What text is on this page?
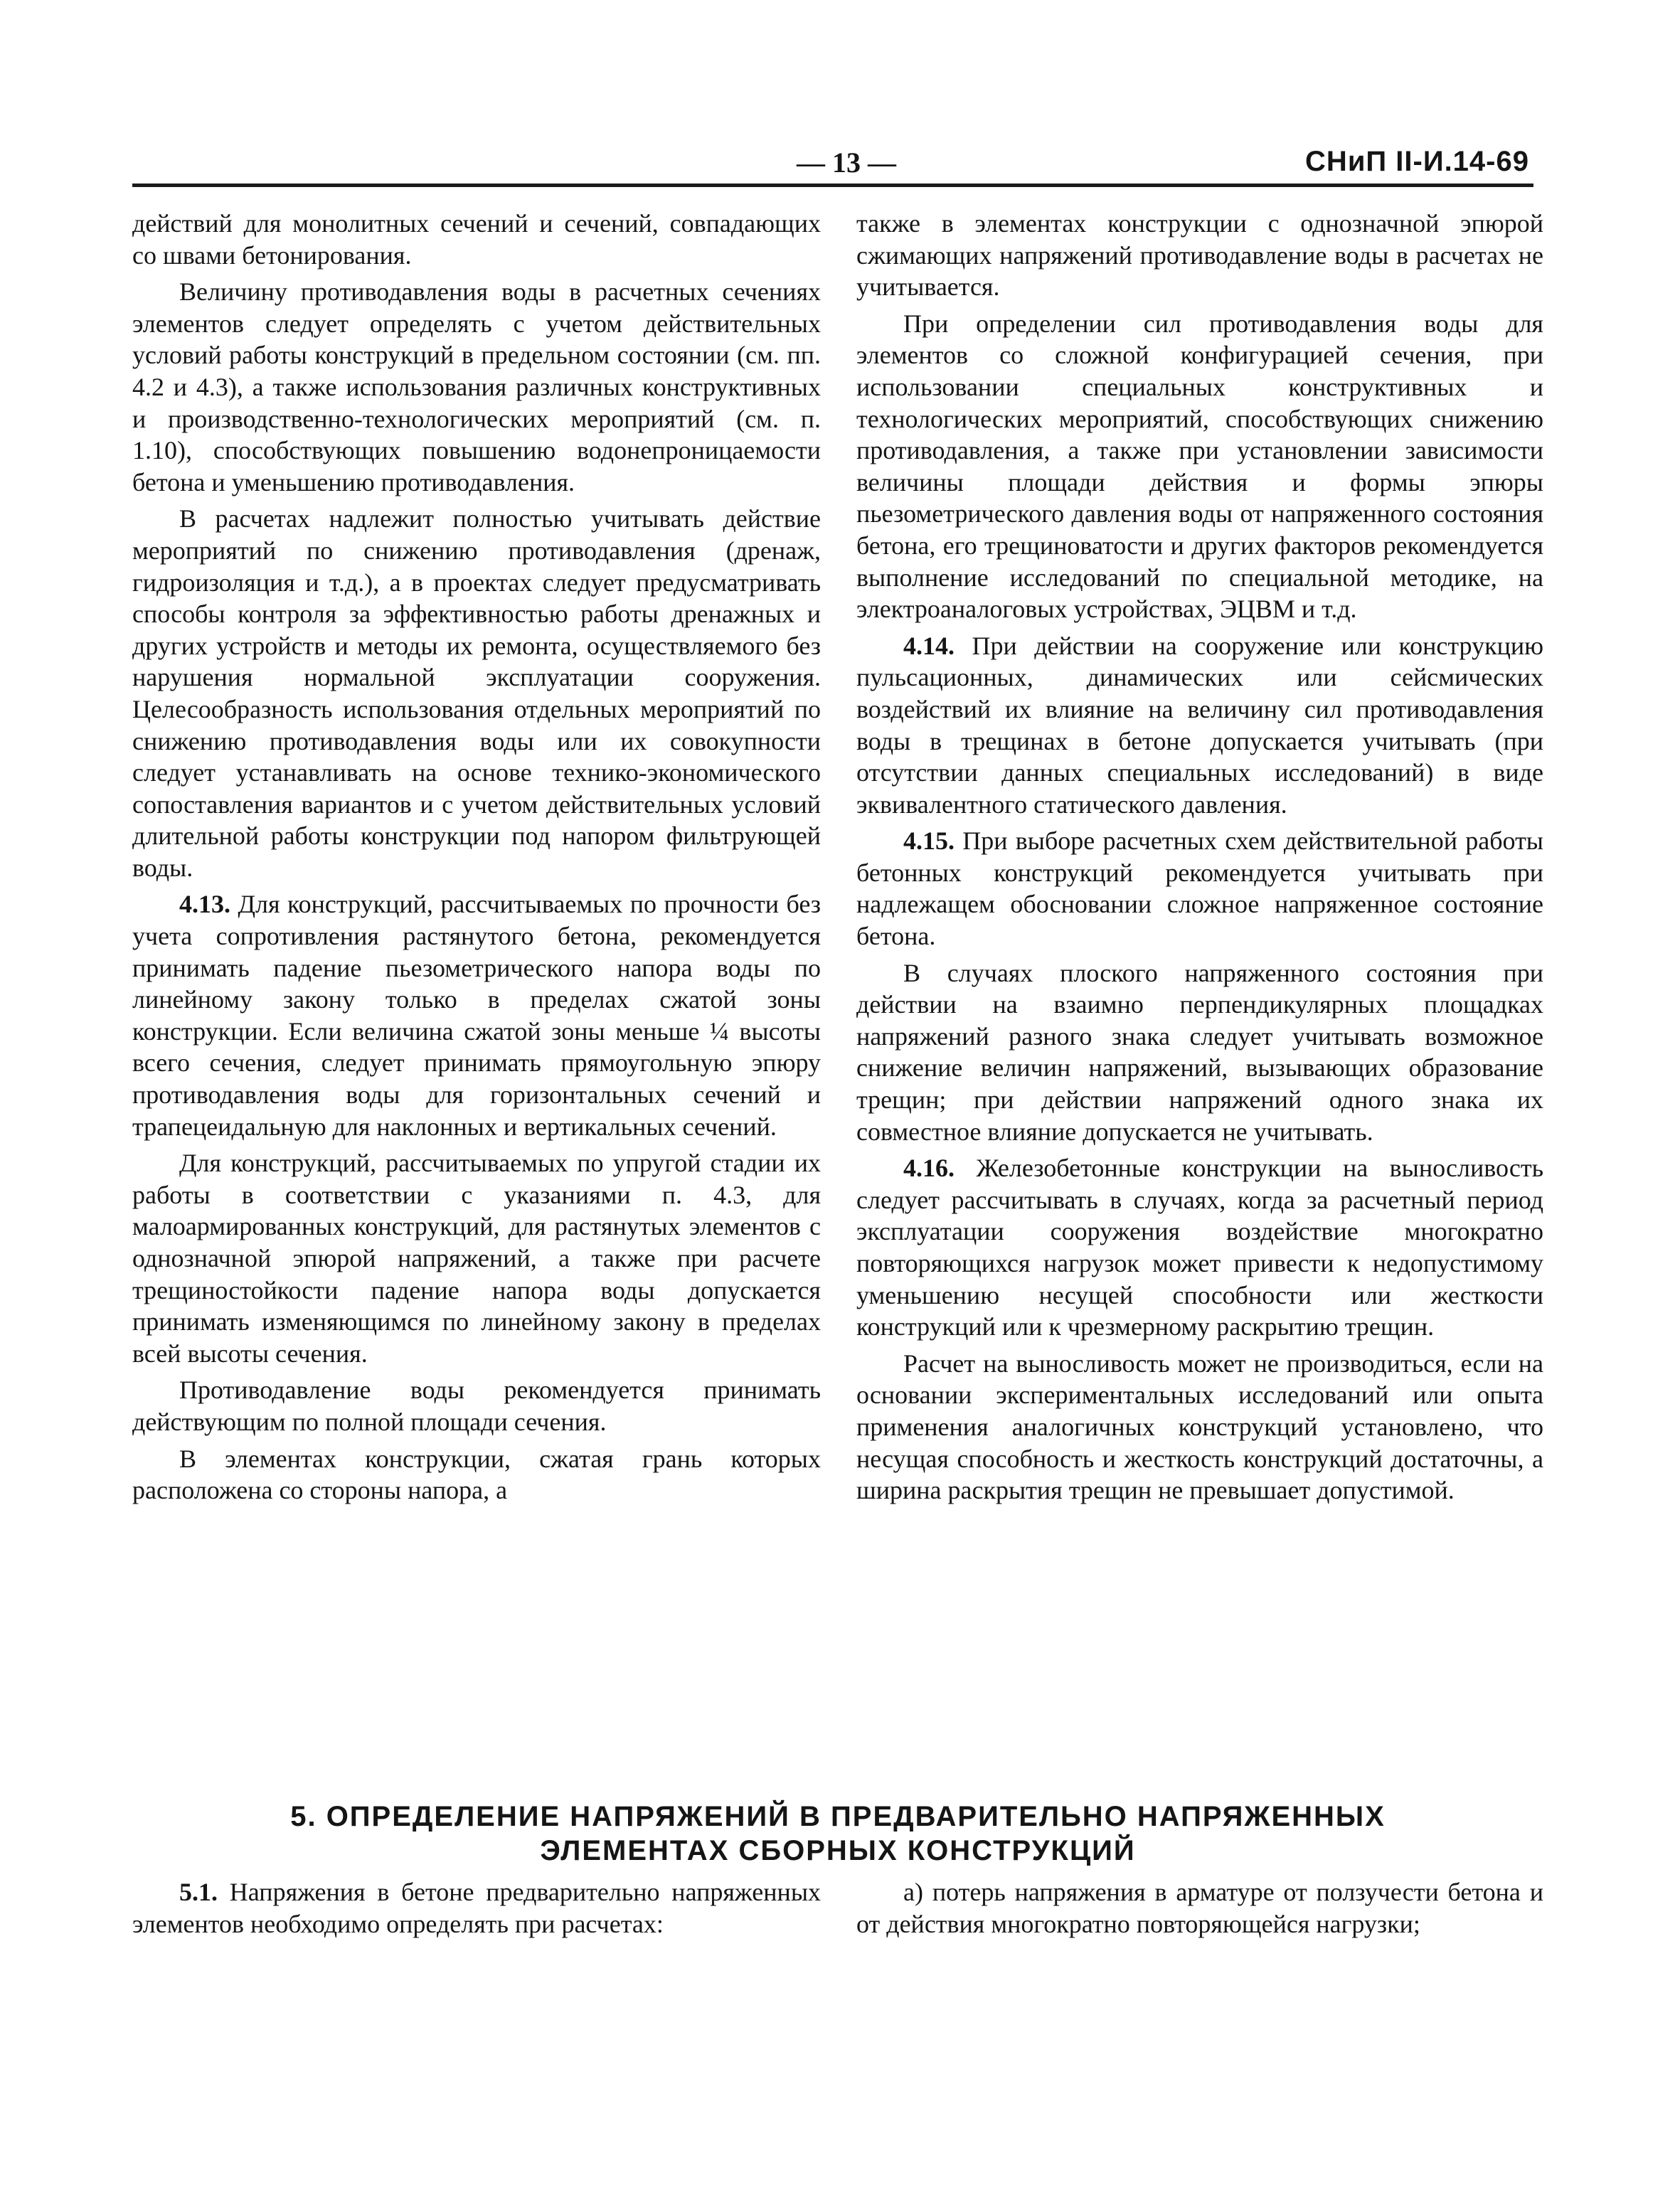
— 13 —	СНиП II-И.14-69

действий для монолитных сечений и сечений, совпадающих со швами бетонирования.

Величину противодавления воды в расчетных сечениях элементов следует определять с учетом действительных условий работы конструкций в предельном состоянии (см. пп. 4.2 и 4.3), а также использования различных конструктивных и производственно-технологических мероприятий (см. п. 1.10), способствующих повышению водонепроницаемости бетона и уменьшению противодавления.

В расчетах надлежит полностью учитывать действие мероприятий по снижению противодавления (дренаж, гидроизоляция и т.д.), а в проектах следует предусматривать способы контроля за эффективностью работы дренажных и других устройств и методы их ремонта, осуществляемого без нарушения нормальной эксплуатации сооружения. Целесообразность использования отдельных мероприятий по снижению противодавления воды или их совокупности следует устанавливать на основе технико-экономического сопоставления вариантов и с учетом действительных условий длительной работы конструкции под напором фильтрующей воды.

4.13. Для конструкций, рассчитываемых по прочности без учета сопротивления растянутого бетона, рекомендуется принимать падение пьезометрического напора воды по линейному закону только в пределах сжатой зоны конструкции. Если величина сжатой зоны меньше ¼ высоты всего сечения, следует принимать прямоугольную эпюру противодавления воды для горизонтальных сечений и трапецеидальную для наклонных и вертикальных сечений.

Для конструкций, рассчитываемых по упругой стадии их работы в соответствии с указаниями п. 4.3, для малоармированных конструкций, для растянутых элементов с однозначной эпюрой напряжений, а также при расчете трещиностойкости падение напора воды допускается принимать изменяющимся по линейному закону в пределах всей высоты сечения.

Противодавление воды рекомендуется принимать действующим по полной площади сечения.

В элементах конструкции, сжатая грань которых расположена со стороны напора, а

также в элементах конструкции с однозначной эпюрой сжимающих напряжений противодавление воды в расчетах не учитывается.

При определении сил противодавления воды для элементов со сложной конфигурацией сечения, при использовании специальных конструктивных и технологических мероприятий, способствующих снижению противодавления, а также при установлении зависимости величины площади действия и формы эпюры пьезометрического давления воды от напряженного состояния бетона, его трещиноватости и других факторов рекомендуется выполнение исследований по специальной методике, на электроаналоговых устройствах, ЭЦВМ и т.д.

4.14. При действии на сооружение или конструкцию пульсационных, динамических или сейсмических воздействий их влияние на величину сил противодавления воды в трещинах в бетоне допускается учитывать (при отсутствии данных специальных исследований) в виде эквивалентного статического давления.

4.15. При выборе расчетных схем действительной работы бетонных конструкций рекомендуется учитывать при надлежащем обосновании сложное напряженное состояние бетона.

В случаях плоского напряженного состояния при действии на взаимно перпендикулярных площадках напряжений разного знака следует учитывать возможное снижение величин напряжений, вызывающих образование трещин; при действии напряжений одного знака их совместное влияние допускается не учитывать.

4.16. Железобетонные конструкции на выносливость следует рассчитывать в случаях, когда за расчетный период эксплуатации сооружения воздействие многократно повторяющихся нагрузок может привести к недопустимому уменьшению несущей способности или жесткости конструкций или к чрезмерному раскрытию трещин.

Расчет на выносливость может не производиться, если на основании экспериментальных исследований или опыта применения аналогичных конструкций установлено, что несущая способность и жесткость конструкций достаточны, а ширина раскрытия трещин не превышает допустимой.

5. ОПРЕДЕЛЕНИЕ НАПРЯЖЕНИЙ В ПРЕДВАРИТЕЛЬНО НАПРЯЖЕННЫХ
ЭЛЕМЕНТАХ СБОРНЫХ КОНСТРУКЦИЙ

5.1. Напряжения в бетоне предварительно напряженных элементов необходимо определять при расчетах:

а) потерь напряжения в арматуре от ползучести бетона и от действия многократно повторяющейся нагрузки;
